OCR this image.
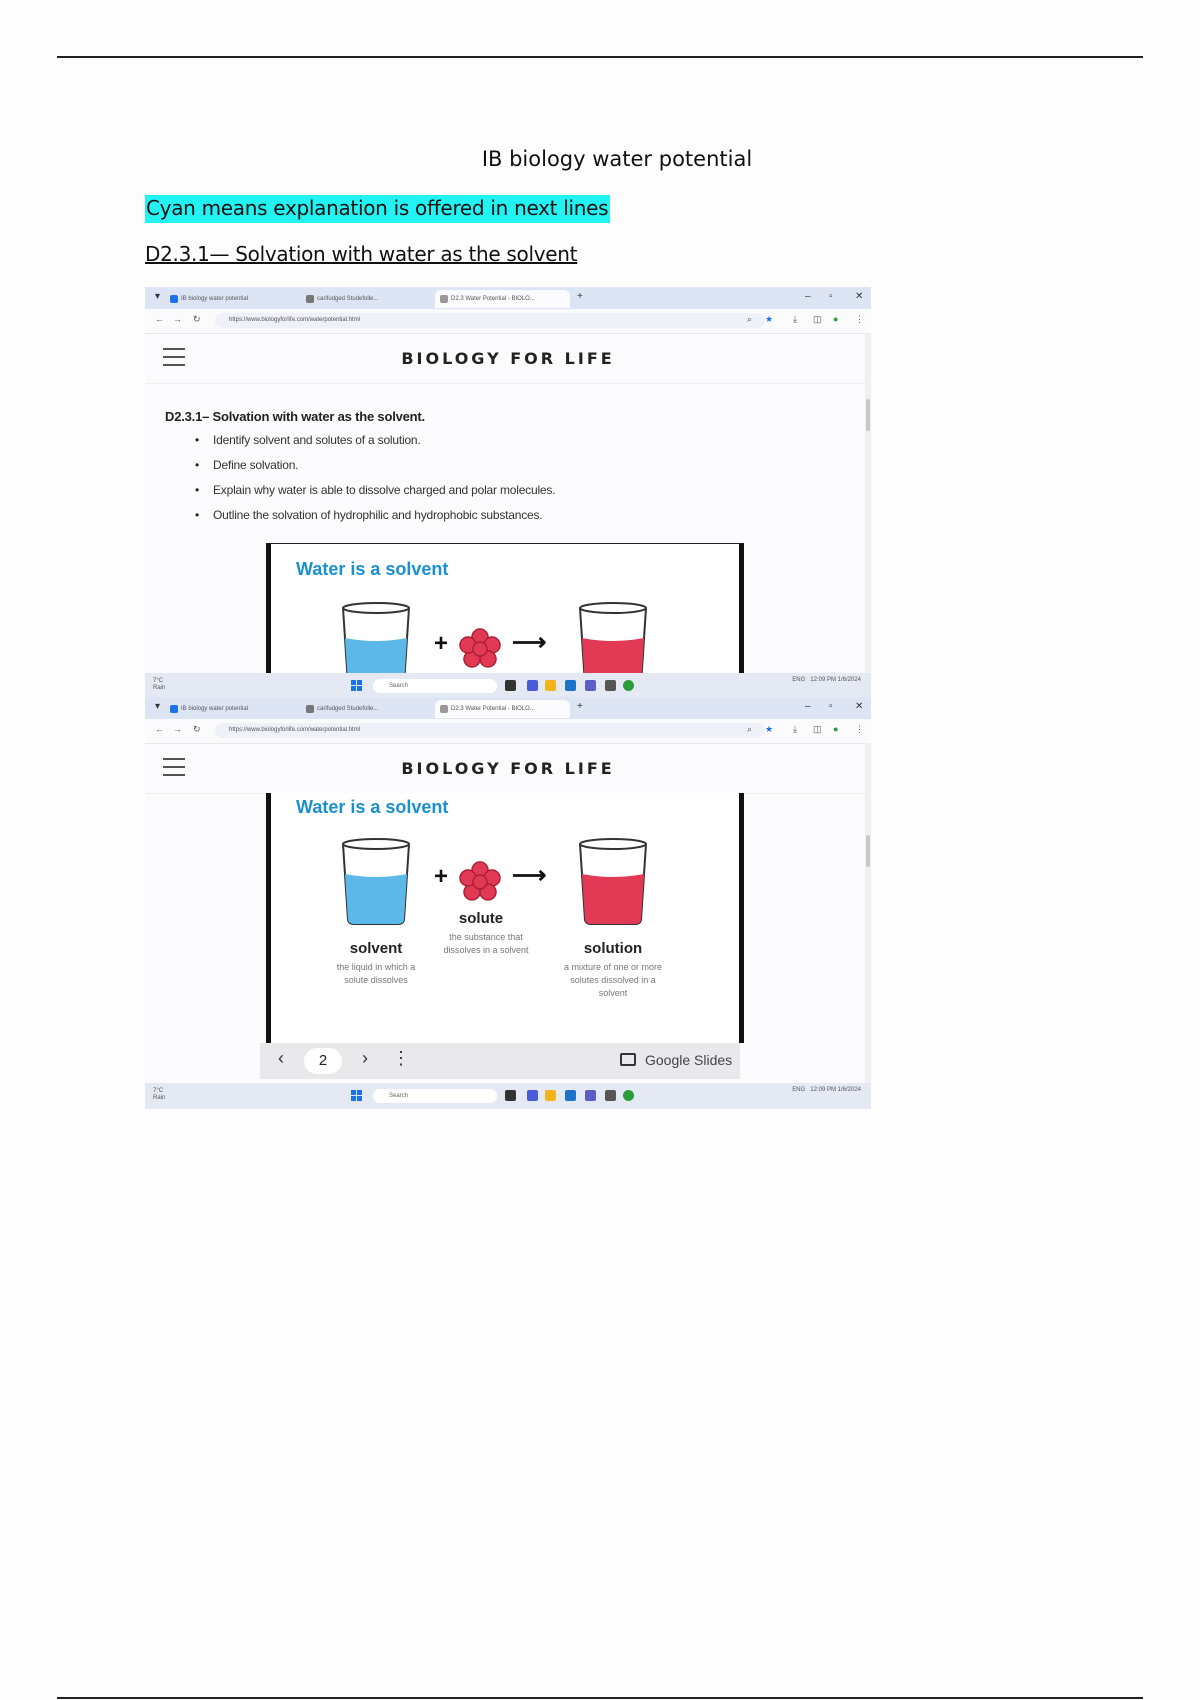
IB biology water potential
Cyan means explanation is offered in next lines
D2.3.1— Solvation with water as the solvent
▾	IB biology water potential	carifudged Studefolle...	D2.3 Water Potential - BIOLO...	+	– ▫ ✕
← → ↻	https://www.biologyforlife.com/waterpotential.html	⌕ ★ ⤓ ◫ ● ⋮
BIOLOGY FOR LIFE
D2.3.1– Solvation with water as the solvent.
• Identify solvent and solutes of a solution.
• Define solvation.
• Explain why water is able to dissolve charged and polar molecules.
• Outline the solvation of hydrophilic and hydrophobic substances.
Water is a solvent
+	⟶
7°C
Rain	Search
ENG 12:09 PM 1/6/2024
▾	IB biology water potential	carifudged Studefolle...	D2.3 Water Potential - BIOLO...	+	– ▫ ✕
← → ↻	https://www.biologyforlife.com/waterpotential.html	⌕ ★ ⤓ ◫ ● ⋮
BIOLOGY FOR LIFE
Water is a solvent
+	⟶
solute
the substance that dissolves in a solvent
solvent
the liquid in which a solute dissolves
solution
a mixture of one or more solutes dissolved in a solvent
‹	2	› ⋮	Google Slides
7°C
Rain	Search
ENG 12:09 PM 1/6/2024
